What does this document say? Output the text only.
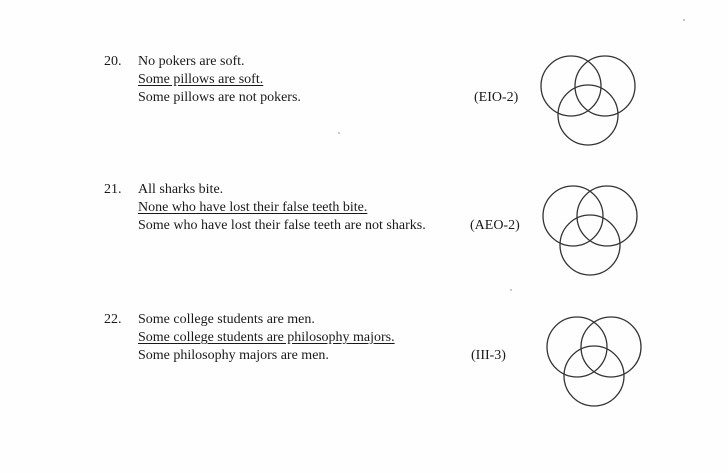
20. No pokers are soft.
Some pillows are soft.
Some pillows are not pokers.	(EIO-2)
21. All sharks bite.
None who have lost their false teeth bite.
Some who have lost their false teeth are not sharks.	(AEO-2)
22. Some college students are men.
Some college students are philosophy majors.
Some philosophy majors are men.	(III-3)
